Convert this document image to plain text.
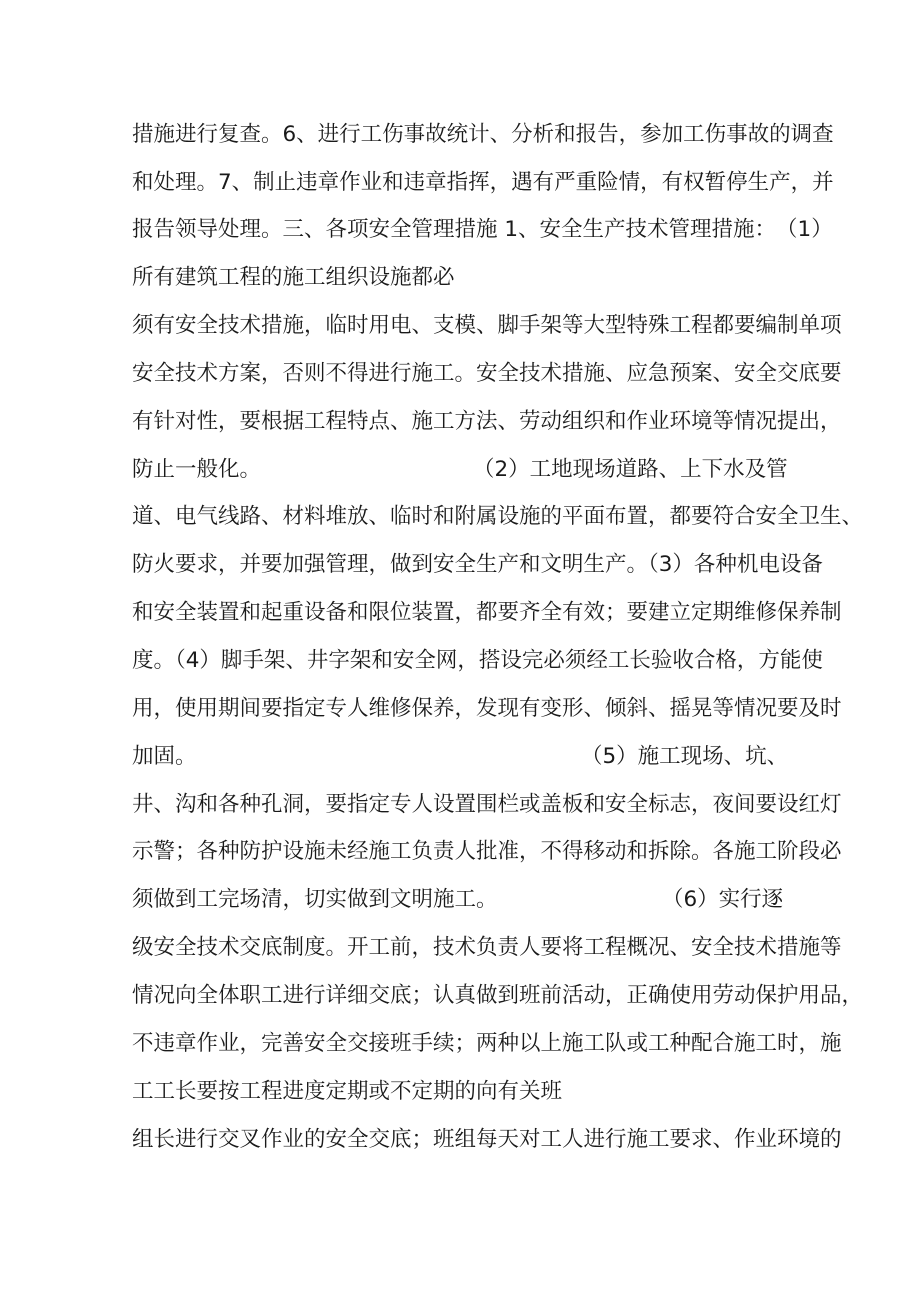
措施进行复查。6、进行工伤事故统计、分析和报告，参加工伤事故的调查
和处理。7、制止违章作业和违章指挥，遇有严重险情，有权暂停生产，并
报告领导处理。三、各项安全管理措施 1、安全生产技术管理措施：　（1）
所有建筑工程的施工组织设施都必
须有安全技术措施，临时用电、支模、脚手架等大型特殊工程都要编制单项
安全技术方案，否则不得进行施工。安全技术措施、应急预案、安全交底要
有针对性，要根据工程特点、施工方法、劳动组织和作业环境等情况提出，
防止一般化。	（2）工地现场道路、上下水及管
道、电气线路、材料堆放、临时和附属设施的平面布置，都要符合安全卫生、
防火要求，并要加强管理，做到安全生产和文明生产。（3）各种机电设备
和安全装置和起重设备和限位装置，都要齐全有效；要建立定期维修保养制
度。（4）脚手架、井字架和安全网，搭设完必须经工长验收合格，方能使
用，使用期间要指定专人维修保养，发现有变形、倾斜、摇晃等情况要及时
加固。	（5）施工现场、坑、
井、沟和各种孔洞，要指定专人设置围栏或盖板和安全标志，夜间要设红灯
示警；各种防护设施未经施工负责人批准，不得移动和拆除。各施工阶段必
须做到工完场清，切实做到文明施工。	（6）实行逐
级安全技术交底制度。开工前，技术负责人要将工程概况、安全技术措施等
情况向全体职工进行详细交底；认真做到班前活动，正确使用劳动保护用品，
不违章作业，完善安全交接班手续；两种以上施工队或工种配合施工时，施
工工长要按工程进度定期或不定期的向有关班
组长进行交叉作业的安全交底；班组每天对工人进行施工要求、作业环境的
